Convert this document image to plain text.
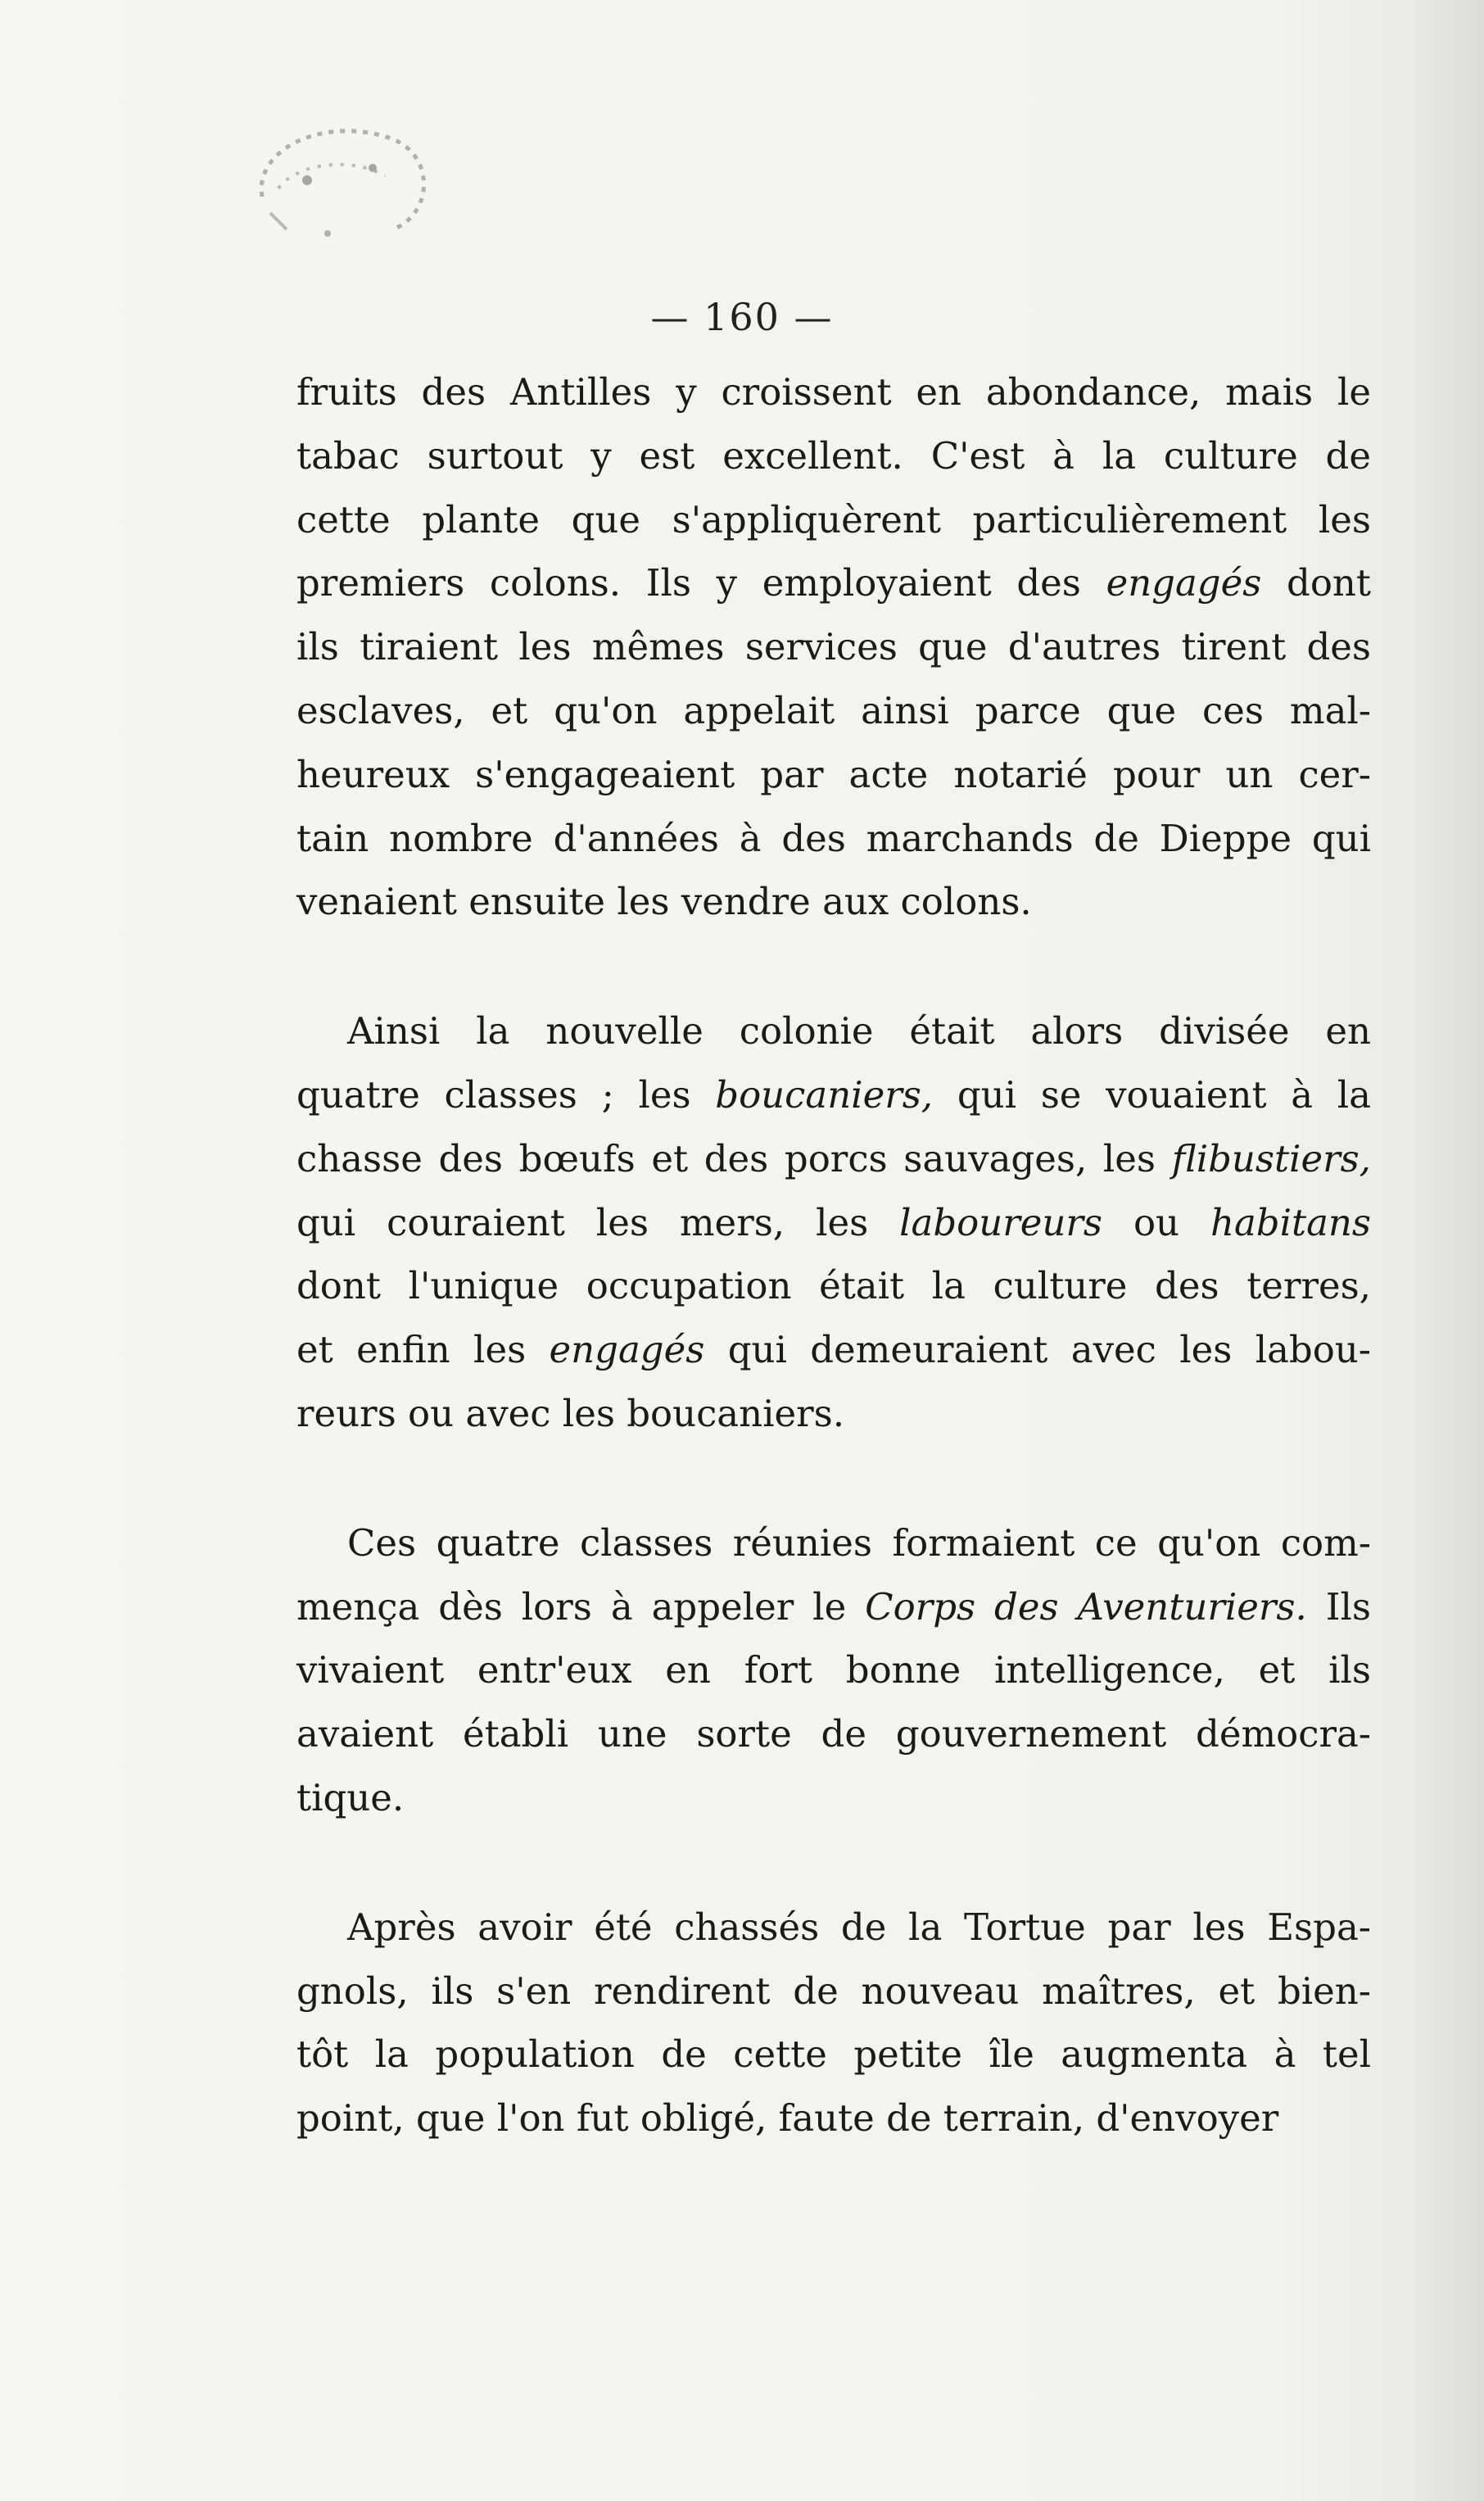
— 160 —
fruits des Antilles y croissent en abondance, mais le
tabac surtout y est excellent. C'est à la culture de
cette plante que s'appliquèrent particulièrement les
premiers colons. Ils y employaient des engagés dont
ils tiraient les mêmes services que d'autres tirent des
esclaves, et qu'on appelait ainsi parce que ces mal-
heureux s'engageaient par acte notarié pour un cer-
tain nombre d'années à des marchands de Dieppe qui
venaient ensuite les vendre aux colons.
Ainsi la nouvelle colonie était alors divisée en
quatre classes ; les boucaniers, qui se vouaient à la
chasse des bœufs et des porcs sauvages, les flibustiers,
qui couraient les mers, les laboureurs ou habitans
dont l'unique occupation était la culture des terres,
et enfin les engagés qui demeuraient avec les labou-
reurs ou avec les boucaniers.
Ces quatre classes réunies formaient ce qu'on com-
mença dès lors à appeler le Corps des Aventuriers. Ils
vivaient entr'eux en fort bonne intelligence, et ils
avaient établi une sorte de gouvernement démocra-
tique.
Après avoir été chassés de la Tortue par les Espa-
gnols, ils s'en rendirent de nouveau maîtres, et bien-
tôt la population de cette petite île augmenta à tel
point, que l'on fut obligé, faute de terrain, d'envoyer
